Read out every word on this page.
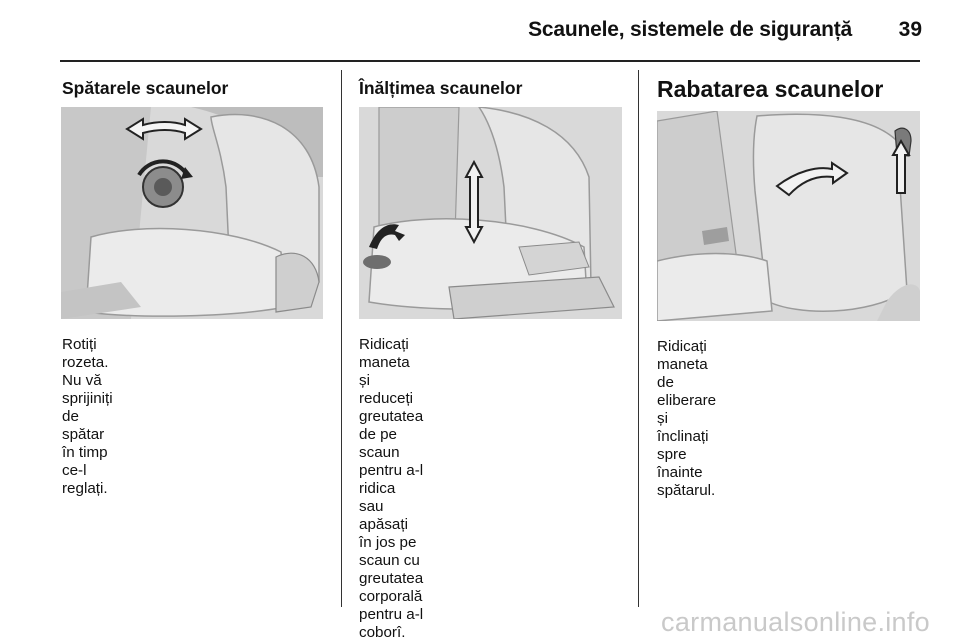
Scaunele, sistemele de siguranță 39
Spătarele scaunelor

Rotiți rozeta. Nu vă sprijiniți de spătar
în timp ce-l reglați.

Înălțimea scaunelor

Ridicați maneta și reduceți greutatea
de pe scaun pentru a-l ridica sau
apăsați în jos pe scaun cu greutatea
corporală pentru a-l coborî.

Rabatarea scaunelor

Ridicați maneta de eliberare și
înclinați spre înainte spătarul.

carmanualsonline.info
